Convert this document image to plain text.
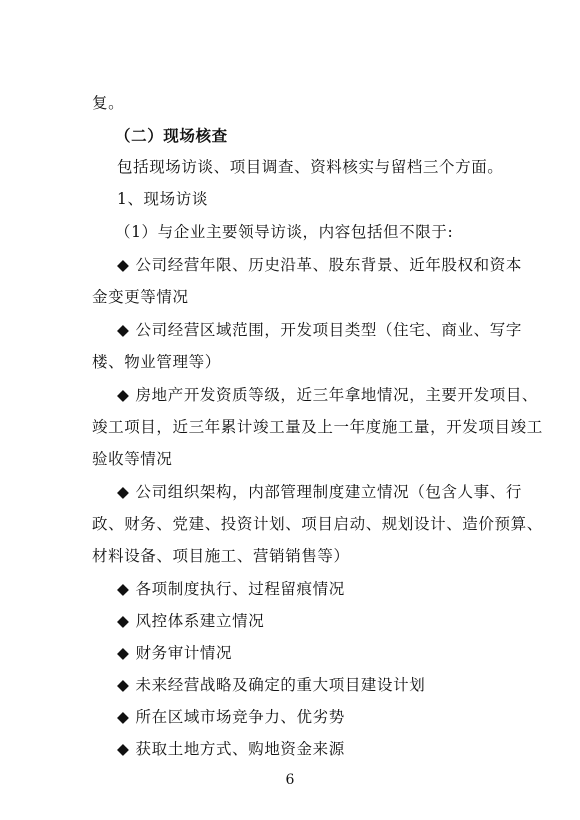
复。
（二）现场核查
包括现场访谈、项目调查、资料核实与留档三个方面。
1、现场访谈
（1）与企业主要领导访谈，内容包括但不限于:
◆ 公司经营年限、历史沿革、股东背景、近年股权和资本
金变更等情况
◆ 公司经营区域范围，开发项目类型（住宅、商业、写字
楼、物业管理等）
◆ 房地产开发资质等级，近三年拿地情况，主要开发项目、
竣工项目，近三年累计竣工量及上一年度施工量，开发项目竣工
验收等情况
◆ 公司组织架构，内部管理制度建立情况（包含人事、行
政、财务、党建、投资计划、项目启动、规划设计、造价预算、
材料设备、项目施工、营销销售等）
◆ 各项制度执行、过程留痕情况
◆ 风控体系建立情况
◆ 财务审计情况
◆ 未来经营战略及确定的重大项目建设计划
◆ 所在区域市场竞争力、优劣势
◆ 获取土地方式、购地资金来源
6
